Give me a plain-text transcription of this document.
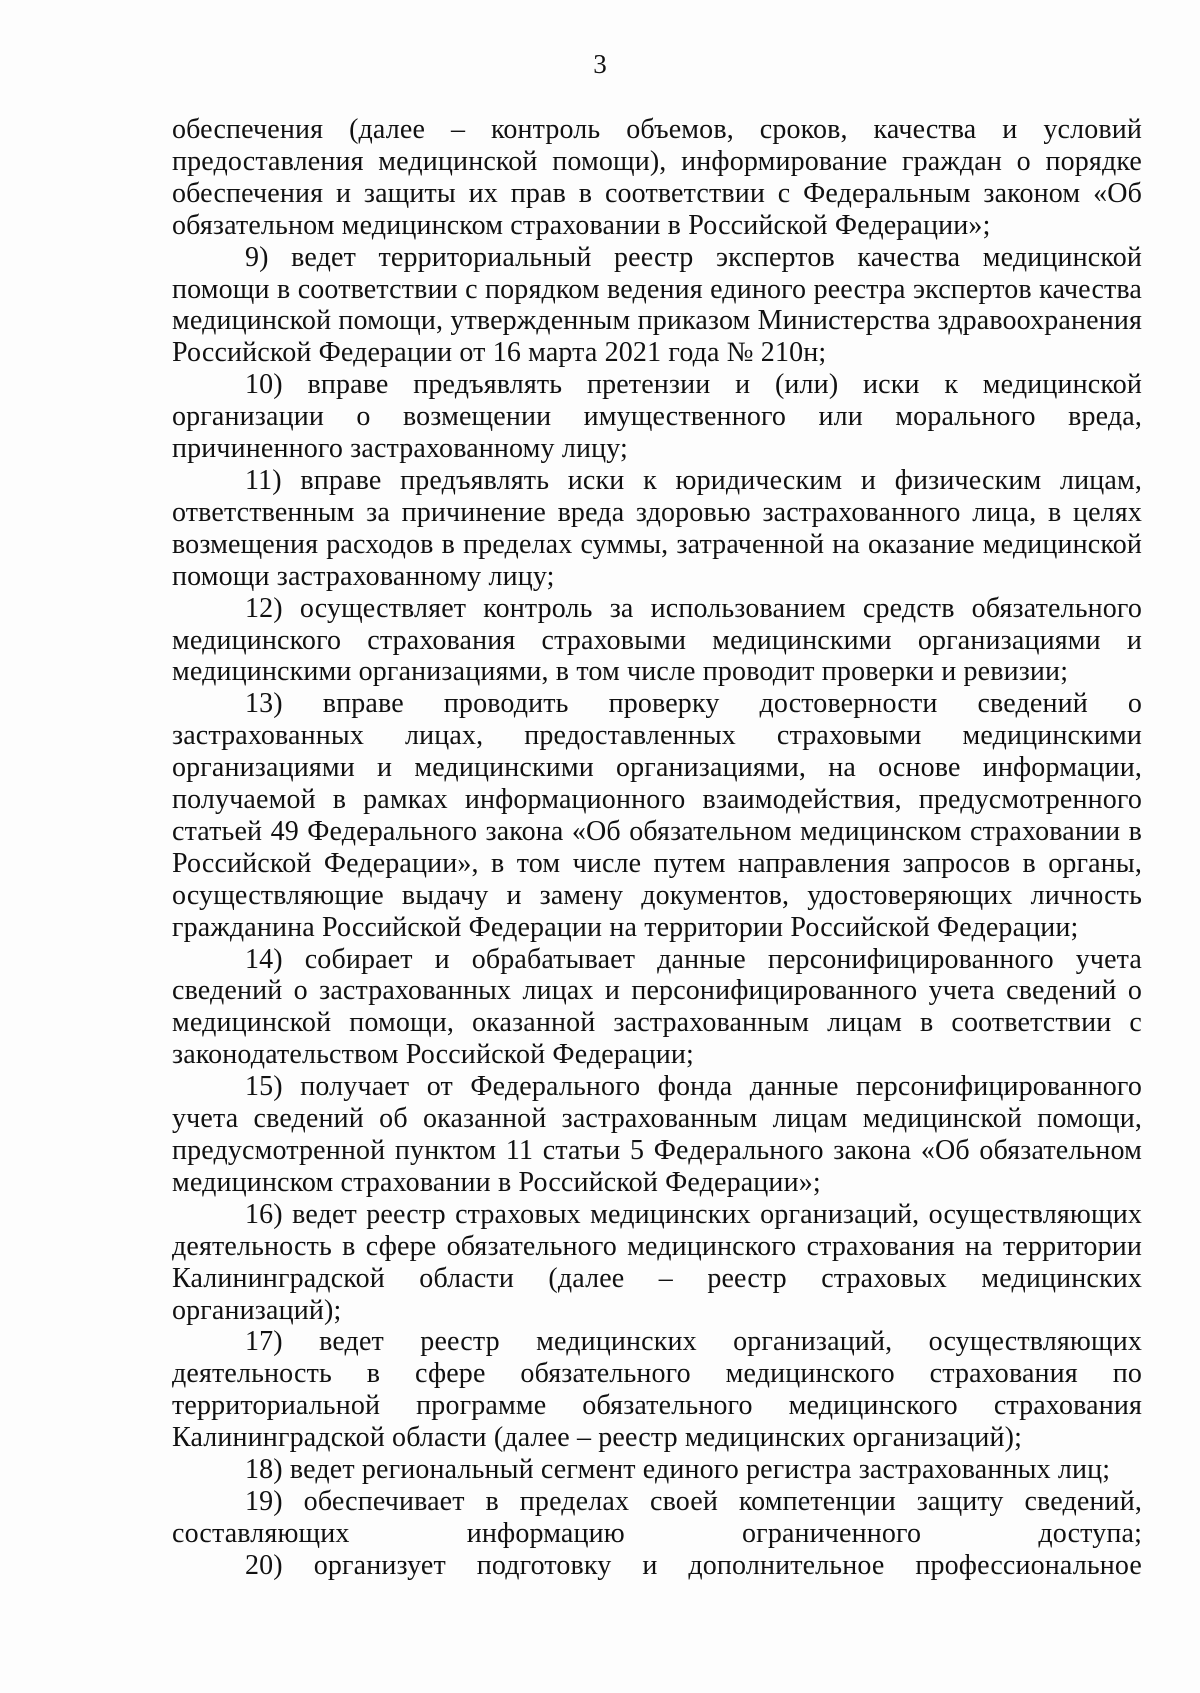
3

обеспечения (далее – контроль объемов, сроков, качества и условий предоставления медицинской помощи), информирование граждан о порядке обеспечения и защиты их прав в соответствии с Федеральным законом «Об обязательном медицинском страховании в Российской Федерации»;

9) ведет территориальный реестр экспертов качества медицинской помощи в соответствии с порядком ведения единого реестра экспертов качества медицинской помощи, утвержденным приказом Министерства здравоохранения Российской Федерации от 16 марта 2021 года № 210н;

10) вправе предъявлять претензии и (или) иски к медицинской организации о возмещении имущественного или морального вреда, причиненного застрахованному лицу;

11) вправе предъявлять иски к юридическим и физическим лицам, ответственным за причинение вреда здоровью застрахованного лица, в целях возмещения расходов в пределах суммы, затраченной на оказание медицинской помощи застрахованному лицу;

12) осуществляет контроль за использованием средств обязательного медицинского страхования страховыми медицинскими организациями и медицинскими организациями, в том числе проводит проверки и ревизии;

13) вправе проводить проверку достоверности сведений о застрахованных лицах, предоставленных страховыми медицинскими организациями и медицинскими организациями, на основе информации, получаемой в рамках информационного взаимодействия, предусмотренного статьей 49 Федерального закона «Об обязательном медицинском страховании в Российской Федерации», в том числе путем направления запросов в органы, осуществляющие выдачу и замену документов, удостоверяющих личность гражданина Российской Федерации на территории Российской Федерации;

14) собирает и обрабатывает данные персонифицированного учета сведений о застрахованных лицах и персонифицированного учета сведений о медицинской помощи, оказанной застрахованным лицам в соответствии с законодательством Российской Федерации;

15) получает от Федерального фонда данные персонифицированного учета сведений об оказанной застрахованным лицам медицинской помощи, предусмотренной пунктом 11 статьи 5 Федерального закона «Об обязательном медицинском страховании в Российской Федерации»;

16) ведет реестр страховых медицинских организаций, осуществляющих деятельность в сфере обязательного медицинского страхования на территории Калининградской области (далее – реестр страховых медицинских организаций);

17) ведет реестр медицинских организаций, осуществляющих деятельность в сфере обязательного медицинского страхования по территориальной программе обязательного медицинского страхования Калининградской области (далее – реестр медицинских организаций);

18) ведет региональный сегмент единого регистра застрахованных лиц;

19) обеспечивает в пределах своей компетенции защиту сведений, составляющих информацию ограниченного доступа;

20) организует подготовку и дополнительное профессиональное
